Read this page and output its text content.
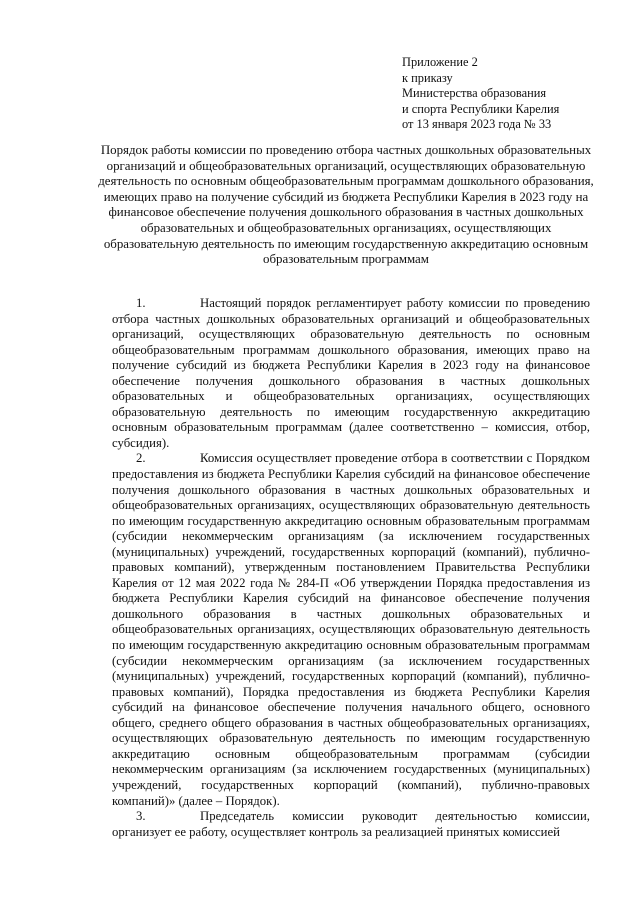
Приложение 2
к приказу
Министерства образования
и спорта Республики Карелия
от 13 января 2023 года № 33
Порядок работы комиссии по проведению отбора частных дошкольных образовательных организаций и общеобразовательных организаций, осуществляющих образовательную деятельность по основным общеобразовательным программам дошкольного образования, имеющих право на получение субсидий из бюджета Республики Карелия в 2023 году на финансовое обеспечение получения дошкольного образования в частных дошкольных образовательных и общеобразовательных организациях, осуществляющих образовательную деятельность по имеющим государственную аккредитацию основным образовательным программам

1.	Настоящий порядок регламентирует работу комиссии по проведению отбора частных дошкольных образовательных организаций и общеобразовательных организаций, осуществляющих образовательную деятельность по основным общеобразовательным программам дошкольного образования, имеющих право на получение субсидий из бюджета Республики Карелия в 2023 году на финансовое обеспечение получения дошкольного образования в частных дошкольных образовательных и общеобразовательных организациях, осуществляющих образовательную деятельность по имеющим государственную аккредитацию основным образовательным программам (далее соответственно – комиссия, отбор, субсидия).

2.	Комиссия осуществляет проведение отбора в соответствии с Порядком предоставления из бюджета Республики Карелия субсидий на финансовое обеспечение получения дошкольного образования в частных дошкольных образовательных и общеобразовательных организациях, осуществляющих образовательную деятельность по имеющим государственную аккредитацию основным образовательным программам (субсидии некоммерческим организациям (за исключением государственных (муниципальных) учреждений, государственных корпораций (компаний), публично-правовых компаний), утвержденным постановлением Правительства Республики Карелия от 12 мая 2022 года № 284-П «Об утверждении Порядка предоставления из бюджета Республики Карелия субсидий на финансовое обеспечение получения дошкольного образования в частных дошкольных образовательных и общеобразовательных организациях, осуществляющих образовательную деятельность по имеющим государственную аккредитацию основным образовательным программам (субсидии некоммерческим организациям (за исключением государственных (муниципальных) учреждений, государственных корпораций (компаний), публично-правовых компаний), Порядка предоставления из бюджета Республики Карелия субсидий на финансовое обеспечение получения начального общего, основного общего, среднего общего образования в частных общеобразовательных организациях, осуществляющих образовательную деятельность по имеющим государственную аккредитацию основным общеобразовательным программам (субсидии некоммерческим организациям (за исключением государственных (муниципальных) учреждений, государственных корпораций (компаний), публично-правовых компаний)» (далее – Порядок).

3.	Председатель комиссии руководит деятельностью комиссии, организует ее работу, осуществляет контроль за реализацией принятых комиссией
